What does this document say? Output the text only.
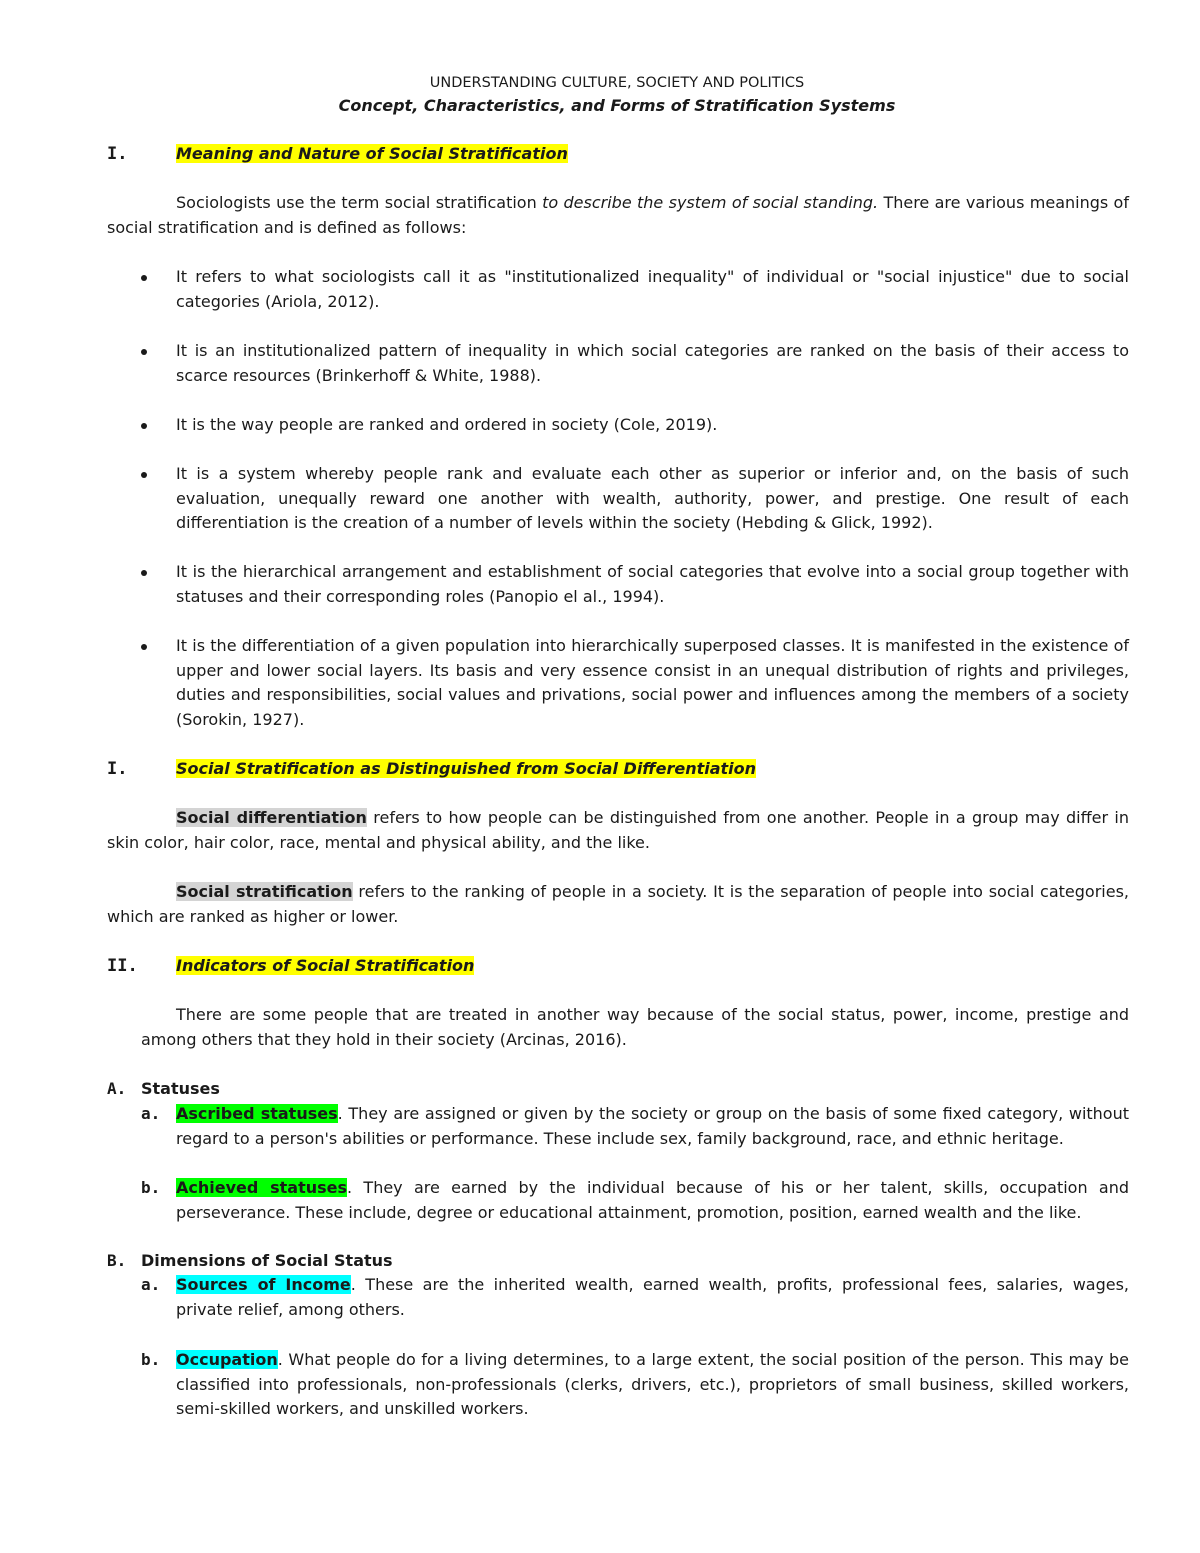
UNDERSTANDING CULTURE, SOCIETY AND POLITICS
Concept, Characteristics, and Forms of Stratification Systems
I.	Meaning and Nature of Social Stratification
Sociologists use the term social stratification to describe the system of social standing. There are various meanings of social stratification and is defined as follows:
It refers to what sociologists call it as "institutionalized inequality" of individual or "social injustice" due to social categories (Ariola, 2012).
It is an institutionalized pattern of inequality in which social categories are ranked on the basis of their access to scarce resources (Brinkerhoff & White, 1988).
It is the way people are ranked and ordered in society (Cole, 2019).
It is a system whereby people rank and evaluate each other as superior or inferior and, on the basis of such evaluation, unequally reward one another with wealth, authority, power, and prestige. One result of each differentiation is the creation of a number of levels within the society (Hebding & Glick, 1992).
It is the hierarchical arrangement and establishment of social categories that evolve into a social group together with statuses and their corresponding roles (Panopio el al., 1994).
It is the differentiation of a given population into hierarchically superposed classes. It is manifested in the existence of upper and lower social layers. Its basis and very essence consist in an unequal distribution of rights and privileges, duties and responsibilities, social values and privations, social power and influences among the members of a society (Sorokin, 1927).
I.	Social Stratification as Distinguished from Social Differentiation
Social differentiation refers to how people can be distinguished from one another. People in a group may differ in skin color, hair color, race, mental and physical ability, and the like.
Social stratification refers to the ranking of people in a society. It is the separation of people into social categories, which are ranked as higher or lower.
II. Indicators of Social Stratification
There are some people that are treated in another way because of the social status, power, income, prestige and among others that they hold in their society (Arcinas, 2016).
A. Statuses
a. Ascribed statuses. They are assigned or given by the society or group on the basis of some fixed category, without regard to a person's abilities or performance. These include sex, family background, race, and ethnic heritage.
b. Achieved statuses. They are earned by the individual because of his or her talent, skills, occupation and perseverance. These include, degree or educational attainment, promotion, position, earned wealth and the like.
B. Dimensions of Social Status
a. Sources of Income. These are the inherited wealth, earned wealth, profits, professional fees, salaries, wages, private relief, among others.
b. Occupation. What people do for a living determines, to a large extent, the social position of the person. This may be classified into professionals, non-professionals (clerks, drivers, etc.), proprietors of small business, skilled workers, semi-skilled workers, and unskilled workers.
